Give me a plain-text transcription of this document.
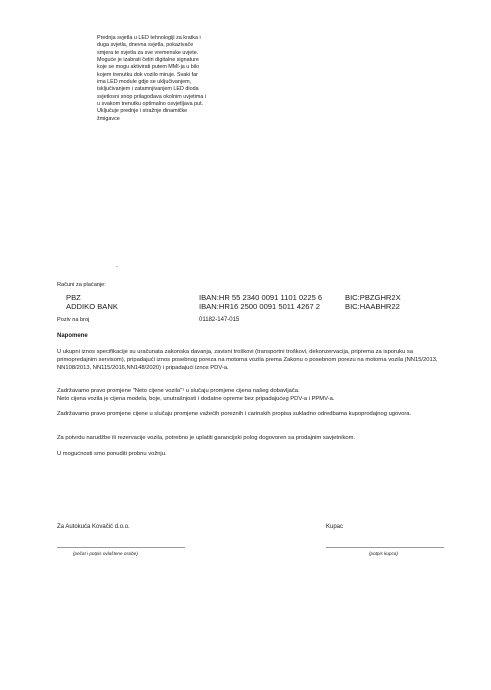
Prednja svjetla u LED tehnologiji za kratka i duga svjetla, dnevna svjetla, pokazivače smjera te svjetla za sve vremenske uvjete. Moguće je izabrati četiri digitalne signature koje se mogu aktivirati putem MMI-ja u bilo kojem trenutku dok vozilo miruje. Svaki far ima LED module gdje se uključivanjem, isključivanjem i zatamnjivanjem LED dioda svjetlosni snop prilagođava okolnim uvjetima i u svakom trenutku optimalno osvjetljava put. Uključuje prednje i stražnje dinamičke žmigavce
.
Računi za plaćanje:
PBZ	IBAN:HR 55 2340 0091 1101 0225 6	BIC:PBZGHR2X
ADDIKO BANK	IBAN:HR16 2500 0091 5011 4267 2	BIC:HAABHR22
Poziv na broj	01182-147-015
Napomene
U ukupni iznos specifikacije su uračunata zakonska davanja, zavisni troškovi (transportni troškovi, dekonzervacija, priprema za isporuku sa primopredajnim servisom), pripadajući iznos posebnog poreza na motorna vozila prema Zakonu o posebnom porezu na motorna vozila (NN15/2013, NN108/2013, NN115/2016,NN148/2020) i pripadajući iznos PDV-a.
Zadržavamo pravo promjene "Neto cijene vozila"¹ u slučaju promjene cijena našeg dobavljača.
Neto cijena vozila je cijena modela, boje, unutrašnjosti i dodatne opreme bez pripadajućeg PDV-a i PPMV-a.
Zadržavamo pravo promjene cijene u slučaju promjene važećih poreznih i carinskih propisa sukladno odredbama kupoprodajnog ugovora.
Za potvrdu narudžbe ili rezervacije vozila, potrebno je uplatiti garancijski polog dogovoren sa prodajnim savjetnikom.
U mogućnosti smo ponuditi probnu vožnju.
Za Autokuća Kovačić d.o.o.	Kupac
(pečat i potpis ovlaštene osobe)	(potpis kupca)
